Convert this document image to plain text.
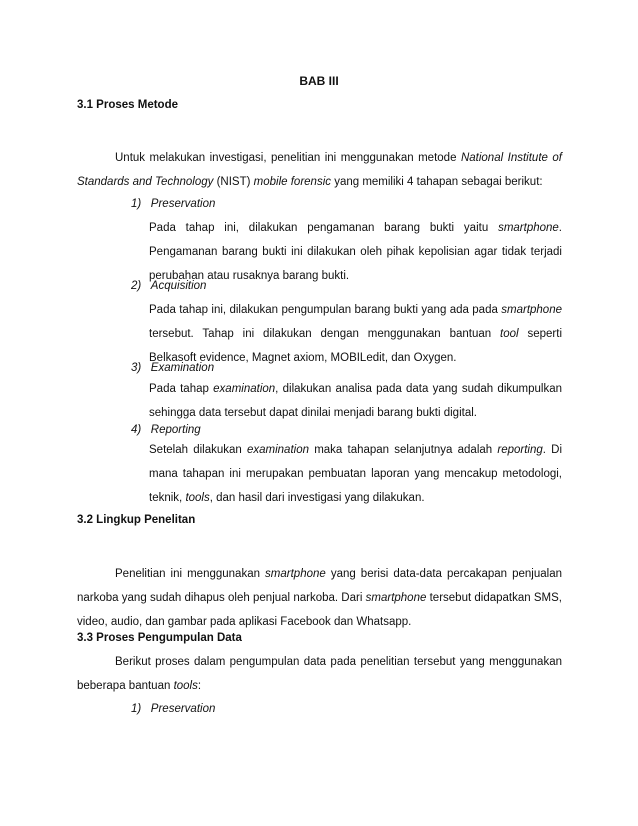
BAB III
3.1 Proses Metode
Untuk melakukan investigasi, penelitian ini menggunakan metode National Institute of Standards and Technology (NIST) mobile forensic yang memiliki 4 tahapan sebagai berikut:
1)   Preservation
Pada tahap ini, dilakukan pengamanan barang bukti yaitu smartphone. Pengamanan barang bukti ini dilakukan oleh pihak kepolisian agar tidak terjadi perubahan atau rusaknya barang bukti.
2)   Acquisition
Pada tahap ini, dilakukan pengumpulan barang bukti yang ada pada smartphone tersebut. Tahap ini dilakukan dengan menggunakan bantuan tool seperti Belkasoft evidence, Magnet axiom, MOBILedit, dan Oxygen.
3)   Examination
Pada tahap examination, dilakukan analisa pada data yang sudah dikumpulkan sehingga data tersebut dapat dinilai menjadi barang bukti digital.
4)   Reporting
Setelah dilakukan examination maka tahapan selanjutnya adalah reporting. Di mana tahapan ini merupakan pembuatan laporan yang mencakup metodologi, teknik, tools, dan hasil dari investigasi yang dilakukan.
3.2 Lingkup Penelitan
Penelitian ini menggunakan smartphone yang berisi data-data percakapan penjualan narkoba yang sudah dihapus oleh penjual narkoba. Dari smartphone tersebut didapatkan SMS, video, audio, dan gambar pada aplikasi Facebook dan Whatsapp.
3.3 Proses Pengumpulan Data
Berikut proses dalam pengumpulan data pada penelitian tersebut yang menggunakan beberapa bantuan tools:
1)   Preservation
